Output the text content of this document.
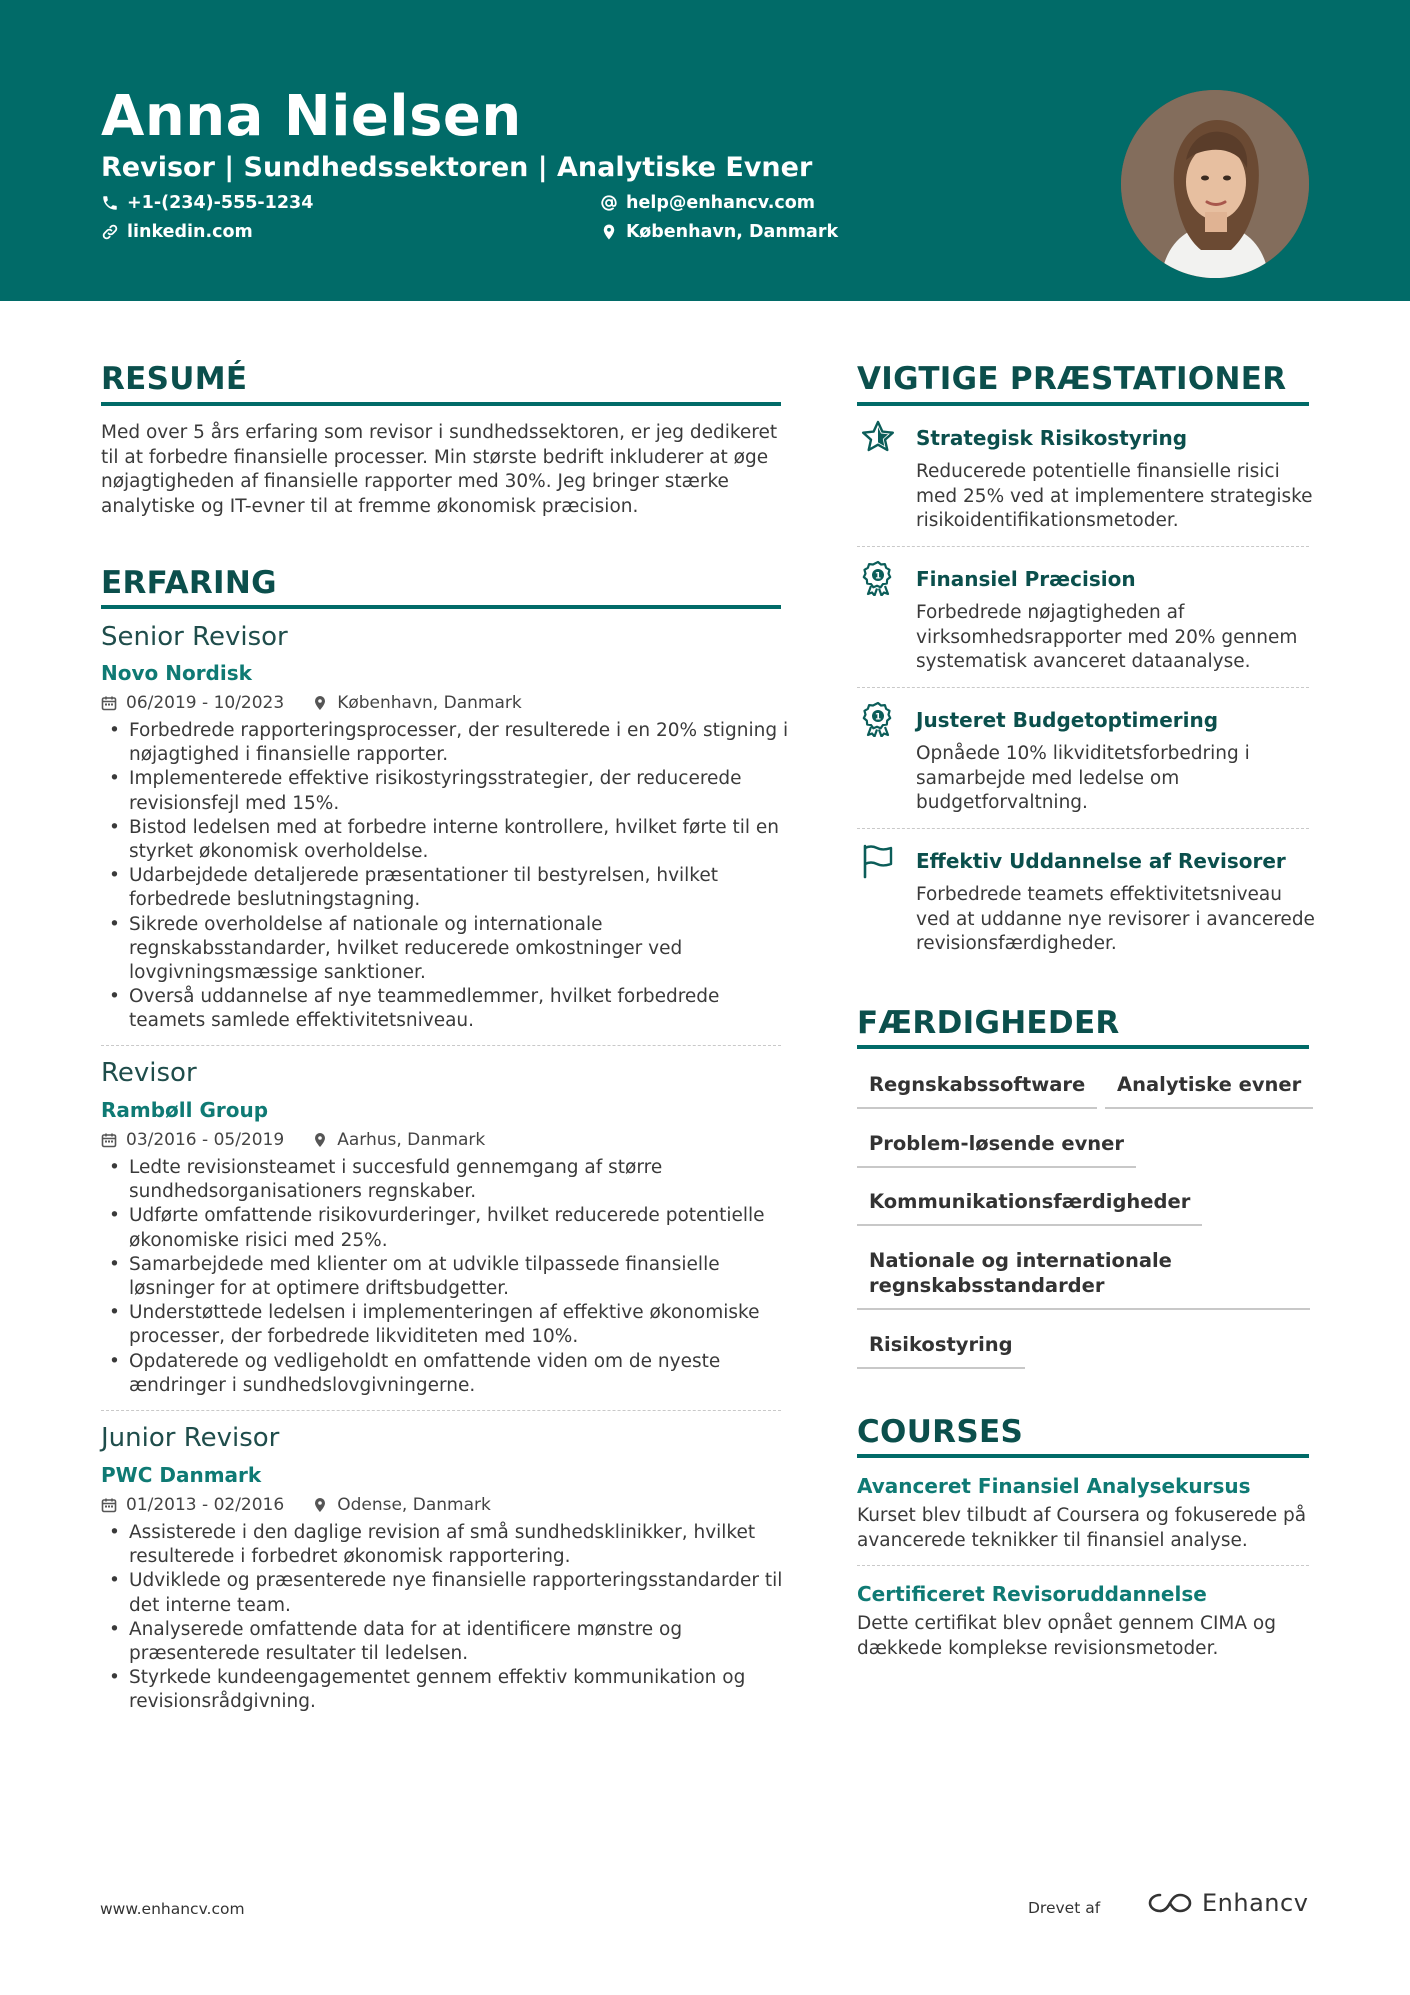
Anna Nielsen
Revisor | Sundhedssektoren | Analytiske Evner
+1-(234)-555-1234	help@enhancv.com
linkedin.com	København, Danmark
RESUMÉ
Med over 5 års erfaring som revisor i sundhedssektoren, er jeg dedikeret til at forbedre finansielle processer. Min største bedrift inkluderer at øge nøjagtigheden af finansielle rapporter med 30%. Jeg bringer stærke analytiske og IT-evner til at fremme økonomisk præcision.
ERFARING
Senior Revisor
Novo Nordisk
06/2019 - 10/2023	København, Danmark
• Forbedrede rapporteringsprocesser, der resulterede i en 20% stigning i nøjagtighed i finansielle rapporter.
• Implementerede effektive risikostyringsstrategier, der reducerede revisionsfejl med 15%.
• Bistod ledelsen med at forbedre interne kontrollere, hvilket førte til en styrket økonomisk overholdelse.
• Udarbejdede detaljerede præsentationer til bestyrelsen, hvilket forbedrede beslutningstagning.
• Sikrede overholdelse af nationale og internationale regnskabsstandarder, hvilket reducerede omkostninger ved lovgivningsmæssige sanktioner.
• Overså uddannelse af nye teammedlemmer, hvilket forbedrede teamets samlede effektivitetsniveau.
Revisor
Rambøll Group
03/2016 - 05/2019	Aarhus, Danmark
• Ledte revisionsteamet i succesfuld gennemgang af større sundhedsorganisationers regnskaber.
• Udførte omfattende risikovurderinger, hvilket reducerede potentielle økonomiske risici med 25%.
• Samarbejdede med klienter om at udvikle tilpassede finansielle løsninger for at optimere driftsbudgetter.
• Understøttede ledelsen i implementeringen af effektive økonomiske processer, der forbedrede likviditeten med 10%.
• Opdaterede og vedligeholdt en omfattende viden om de nyeste ændringer i sundhedslovgivningerne.
Junior Revisor
PWC Danmark
01/2013 - 02/2016	Odense, Danmark
• Assisterede i den daglige revision af små sundhedsklinikker, hvilket resulterede i forbedret økonomisk rapportering.
• Udviklede og præsenterede nye finansielle rapporteringsstandarder til det interne team.
• Analyserede omfattende data for at identificere mønstre og præsenterede resultater til ledelsen.
• Styrkede kundeengagementet gennem effektiv kommunikation og revisionsrådgivning.
VIGTIGE PRÆSTATIONER
Strategisk Risikostyring
Reducerede potentielle finansielle risici med 25% ved at implementere strategiske risikoidentifikationsmetoder.
1 Finansiel Præcision
Forbedrede nøjagtigheden af virksomhedsrapporter med 20% gennem systematisk avanceret dataanalyse.
1 Justeret Budgetoptimering
Opnåede 10% likviditetsforbedring i samarbejde med ledelse om budgetforvaltning.
Effektiv Uddannelse af Revisorer
Forbedrede teamets effektivitetsniveau ved at uddanne nye revisorer i avancerede revisionsfærdigheder.
FÆRDIGHEDER
Regnskabssoftware	Analytiske evner
Problem-løsende evner
Kommunikationsfærdigheder
Nationale og internationale regnskabsstandarder
Risikostyring
COURSES
Avanceret Finansiel Analysekursus
Kurset blev tilbudt af Coursera og fokuserede på avancerede teknikker til finansiel analyse.
Certificeret Revisoruddannelse
Dette certifikat blev opnået gennem CIMA og dækkede komplekse revisionsmetoder.
www.enhancv.com	Drevet af	Enhancv
